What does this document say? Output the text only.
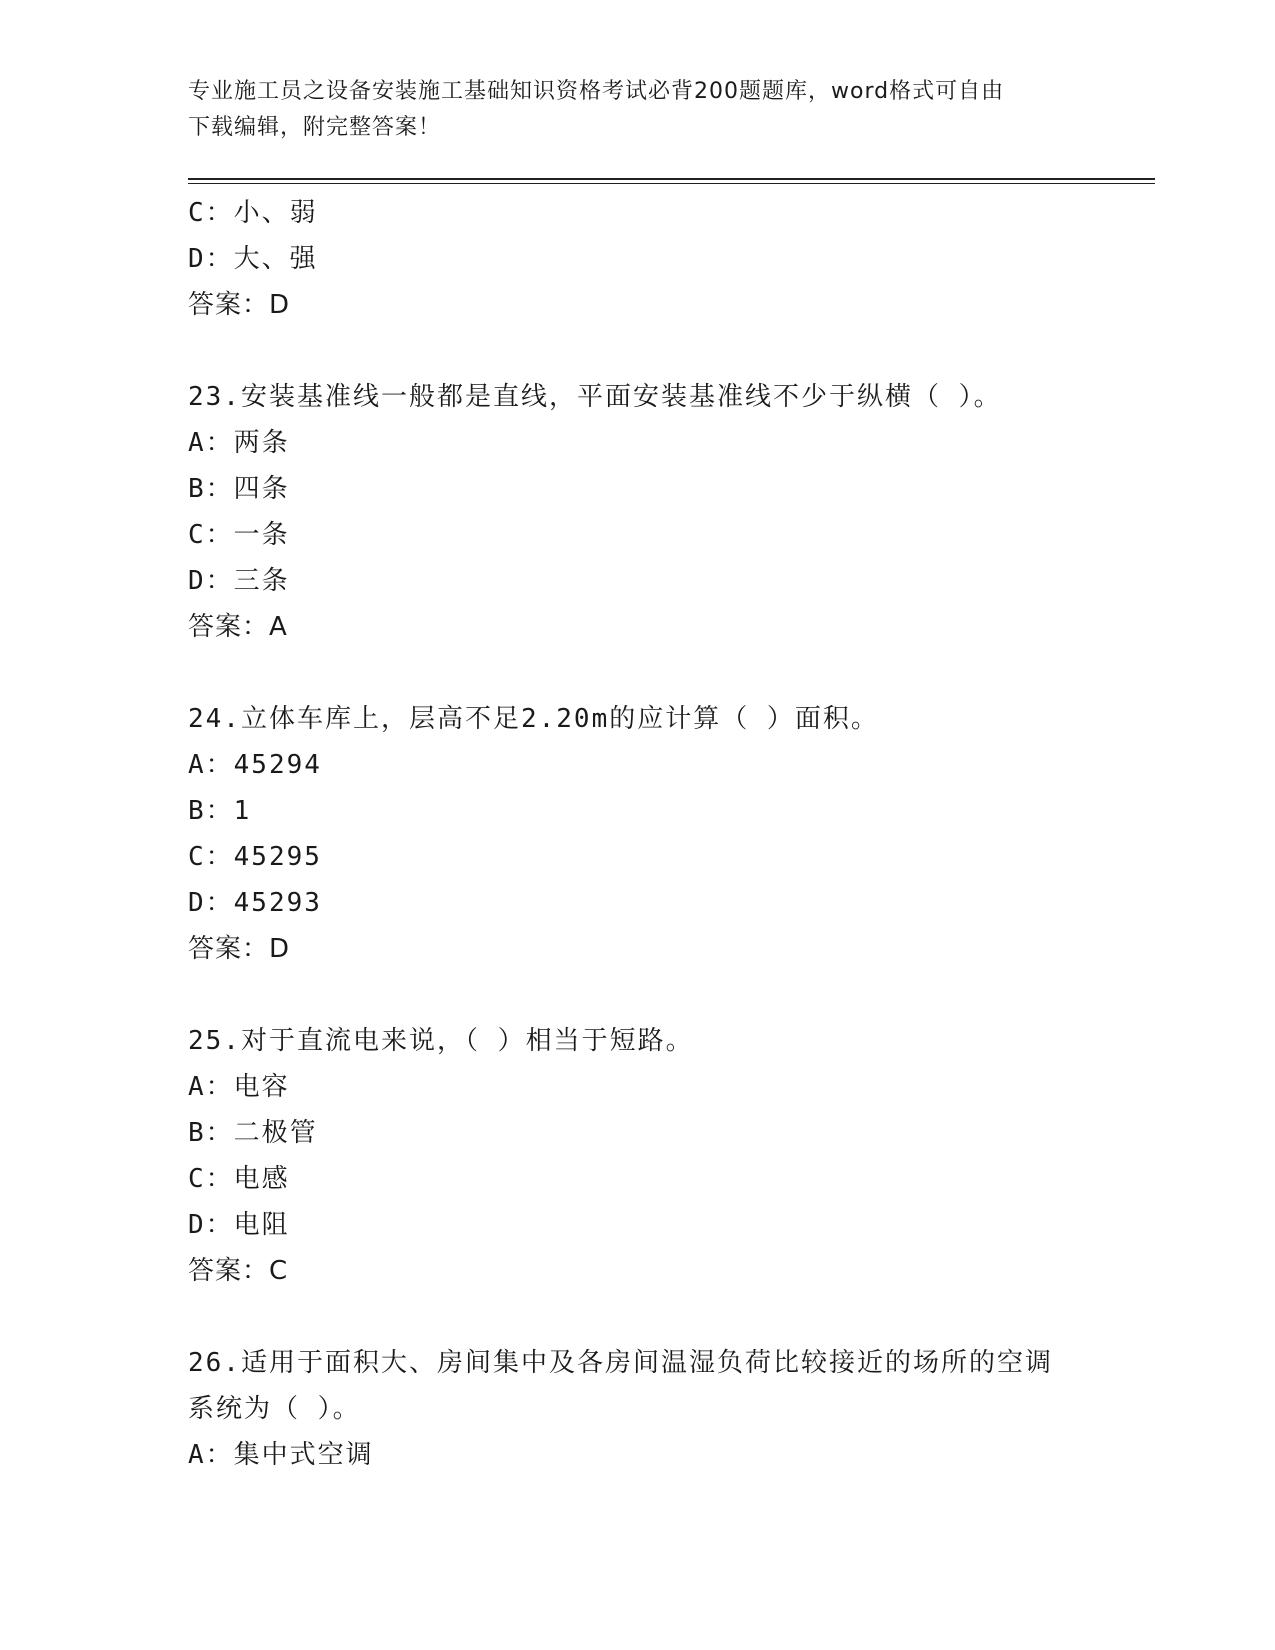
专业施工员之设备安装施工基础知识资格考试必背200题题库，word格式可自由
下载编辑，附完整答案！
C：小、弱
D：大、强
答案：D
23.安装基准线一般都是直线，平面安装基准线不少于纵横（ ）。
A：两条
B：四条
C：一条
D：三条
答案：A
24.立体车库上，层高不足2.20m的应计算（ ）面积。
A：45294
B：1
C：45295
D：45293
答案：D
25.对于直流电来说，（ ）相当于短路。
A：电容
B：二极管
C：电感
D：电阻
答案：C
26.适用于面积大、房间集中及各房间温湿负荷比较接近的场所的空调
系统为（ ）。
A：集中式空调
